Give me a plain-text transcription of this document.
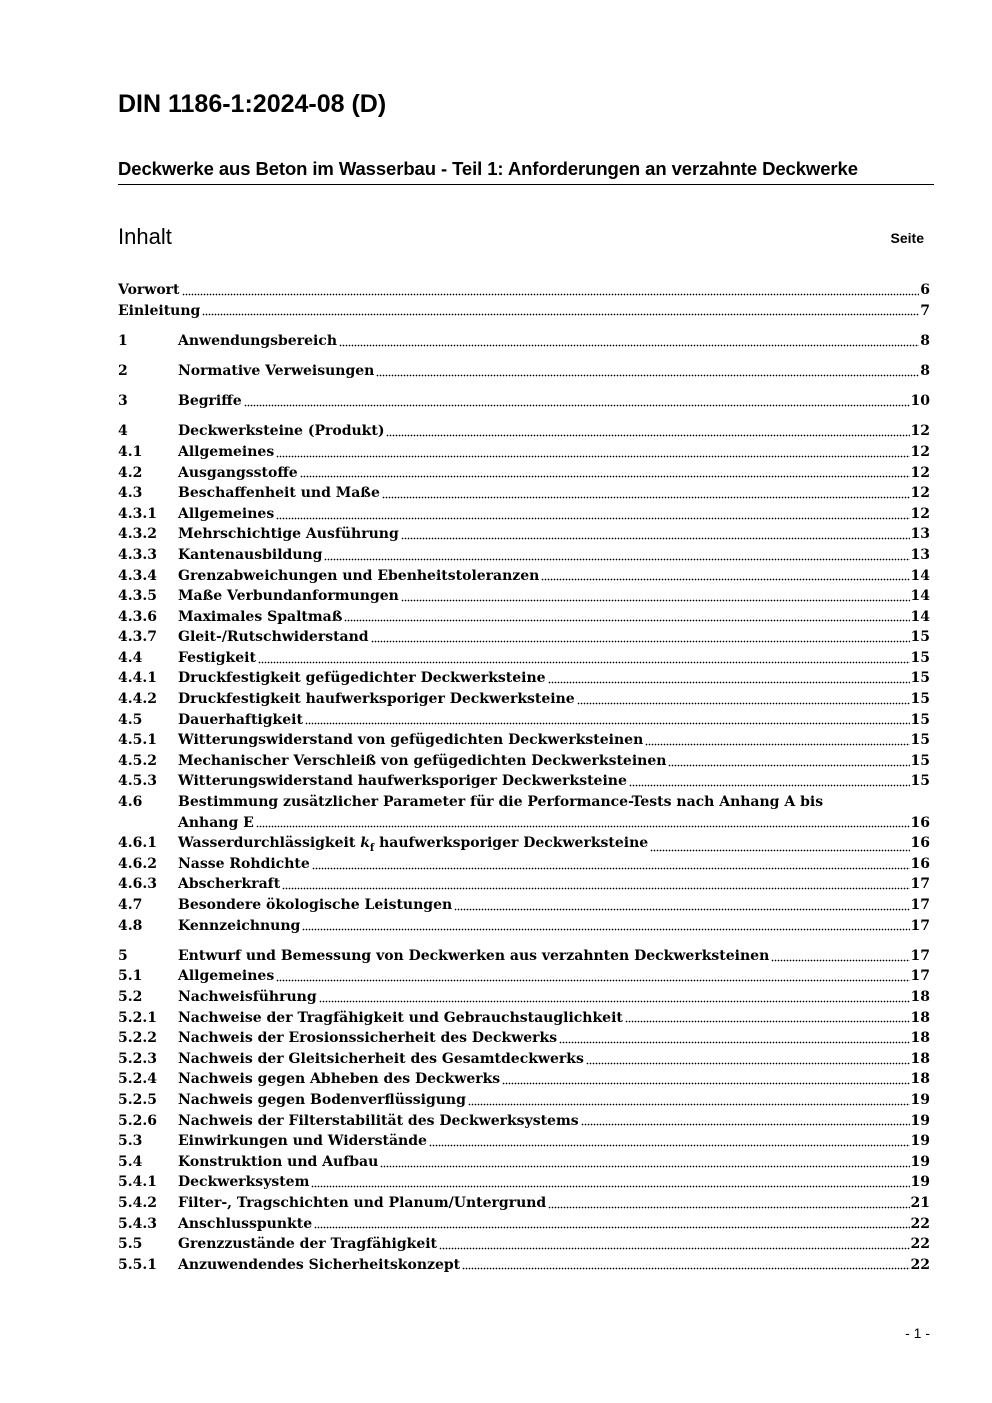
DIN 1186-1:2024-08 (D)
Deckwerke aus Beton im Wasserbau - Teil 1: Anforderungen an verzahnte Deckwerke
Inhalt	Seite
Vorwort	6
Einleitung	7
1	Anwendungsbereich	8
2	Normative Verweisungen	8
3	Begriffe	10
4	Deckwerksteine (Produkt)	12
4.1	Allgemeines	12
4.2	Ausgangsstoffe	12
4.3	Beschaffenheit und Maße	12
4.3.1 Allgemeines	12
4.3.2 Mehrschichtige Ausführung	13
4.3.3 Kantenausbildung	13
4.3.4 Grenzabweichungen und Ebenheitstoleranzen	14
4.3.5 Maße Verbundanformungen	14
4.3.6 Maximales Spaltmaß	14
4.3.7 Gleit-/Rutschwiderstand	15
4.4	Festigkeit	15
4.4.1 Druckfestigkeit gefügedichter Deckwerksteine	15
4.4.2 Druckfestigkeit haufwerksporiger Deckwerksteine	15
4.5	Dauerhaftigkeit	15
4.5.1 Witterungswiderstand von gefügedichten Deckwerksteinen	15
4.5.2 Mechanischer Verschleiß von gefügedichten Deckwerksteinen	15
4.5.3 Witterungswiderstand haufwerksporiger Deckwerksteine	15
4.6	Bestimmung zusätzlicher Parameter für die Performance-Tests nach Anhang A bis
Anhang E	16
4.6.1 Wasserdurchlässigkeit $k_f$ haufwerksporiger Deckwerksteine	16
4.6.2 Nasse Rohdichte	16
4.6.3 Abscherkraft	17
4.7	Besondere ökologische Leistungen	17
4.8	Kennzeichnung	17
5	Entwurf und Bemessung von Deckwerken aus verzahnten Deckwerksteinen	17
5.1	Allgemeines	17
5.2	Nachweisführung	18
5.2.1 Nachweise der Tragfähigkeit und Gebrauchstauglichkeit	18
5.2.2 Nachweis der Erosionssicherheit des Deckwerks	18
5.2.3 Nachweis der Gleitsicherheit des Gesamtdeckwerks	18
5.2.4 Nachweis gegen Abheben des Deckwerks	18
5.2.5 Nachweis gegen Bodenverflüssigung	19
5.2.6 Nachweis der Filterstabilität des Deckwerksystems	19
5.3	Einwirkungen und Widerstände	19
5.4	Konstruktion und Aufbau	19
5.4.1 Deckwerksystem	19
5.4.2 Filter-, Tragschichten und Planum/Untergrund	21
5.4.3 Anschlusspunkte	22
5.5	Grenzzustände der Tragfähigkeit	22
5.5.1 Anzuwendendes Sicherheitskonzept	22
- 1 -
